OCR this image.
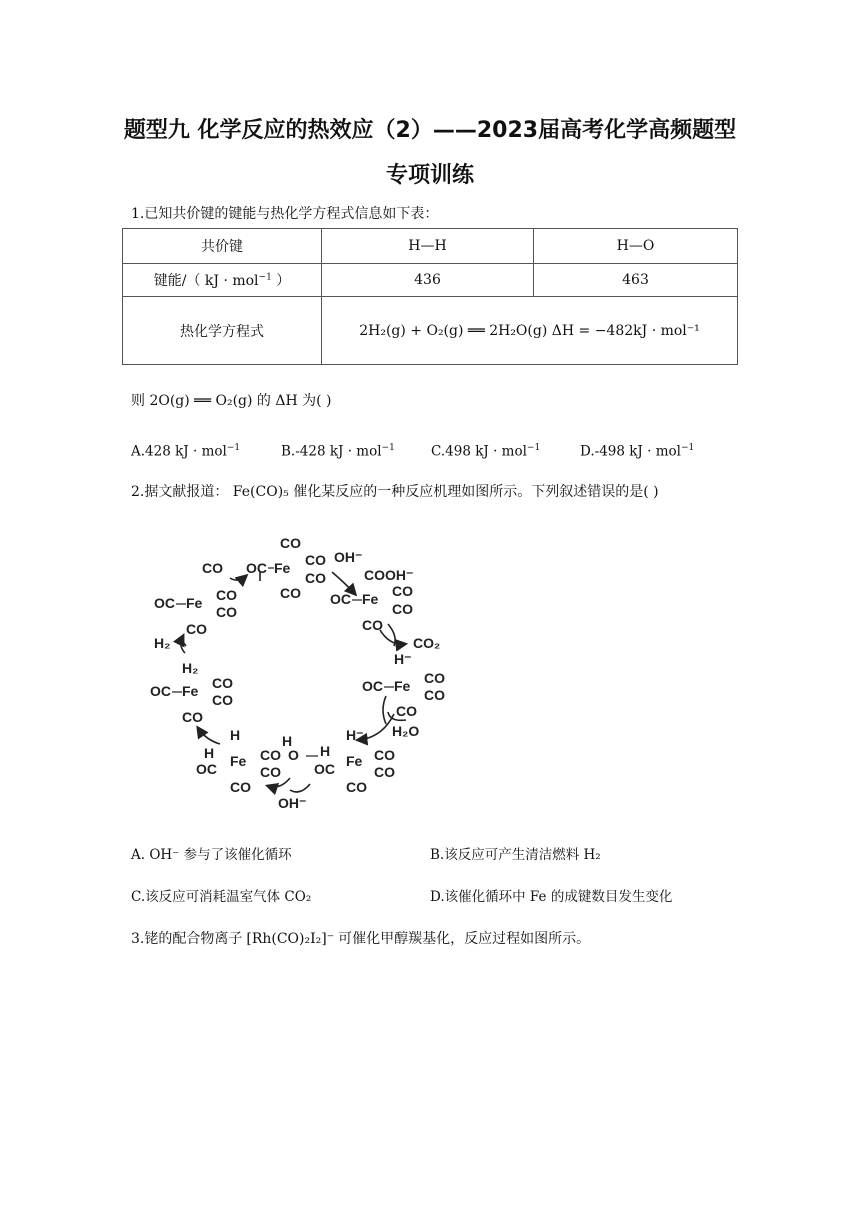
题型九 化学反应的热效应（2）——2023届高考化学高频题型
专项训练
1.已知共价键的键能与热化学方程式信息如下表：
共价键	H—H	H—O
键能/（ kJ · mol$^{-1}$ ）	436	463
热化学方程式	2H₂(g) + O₂(g) ══ 2H₂O(g) ΔH = −482kJ · mol⁻¹	
则 2O(g) ══ O₂(g) 的 ΔH 为( )
A.428 kJ · mol$^{-1}$	B.-428 kJ · mol$^{-1}$	C.498 kJ · mol$^{-1}$	D.-498 kJ · mol$^{-1}$
2.据文献报道： Fe(CO)₅ 催化某反应的一种反应机理如图所示。下列叙述错误的是( )
CO OC Fe
CO
CO
CO
CO
OH⁻
COOH⁻
OC Fe CO
CO
CO
CO₂
H⁻
OC Fe CO
CO
CO
H₂O
H
O H
H⁻
OC Fe CO
CO
CO
H
H
OC Fe CO
CO
CO
OH⁻
H₂
OC Fe CO
CO
CO
OC Fe CO
CO
CO
H₂
A. OH⁻ 参与了该催化循环	B.该反应可产生清洁燃料 H₂
C.该反应可消耗温室气体 CO₂	D.该催化循环中 Fe 的成键数目发生变化
3.铑的配合物离子 [Rh(CO)₂I₂]⁻ 可催化甲醇羰基化，反应过程如图所示。
